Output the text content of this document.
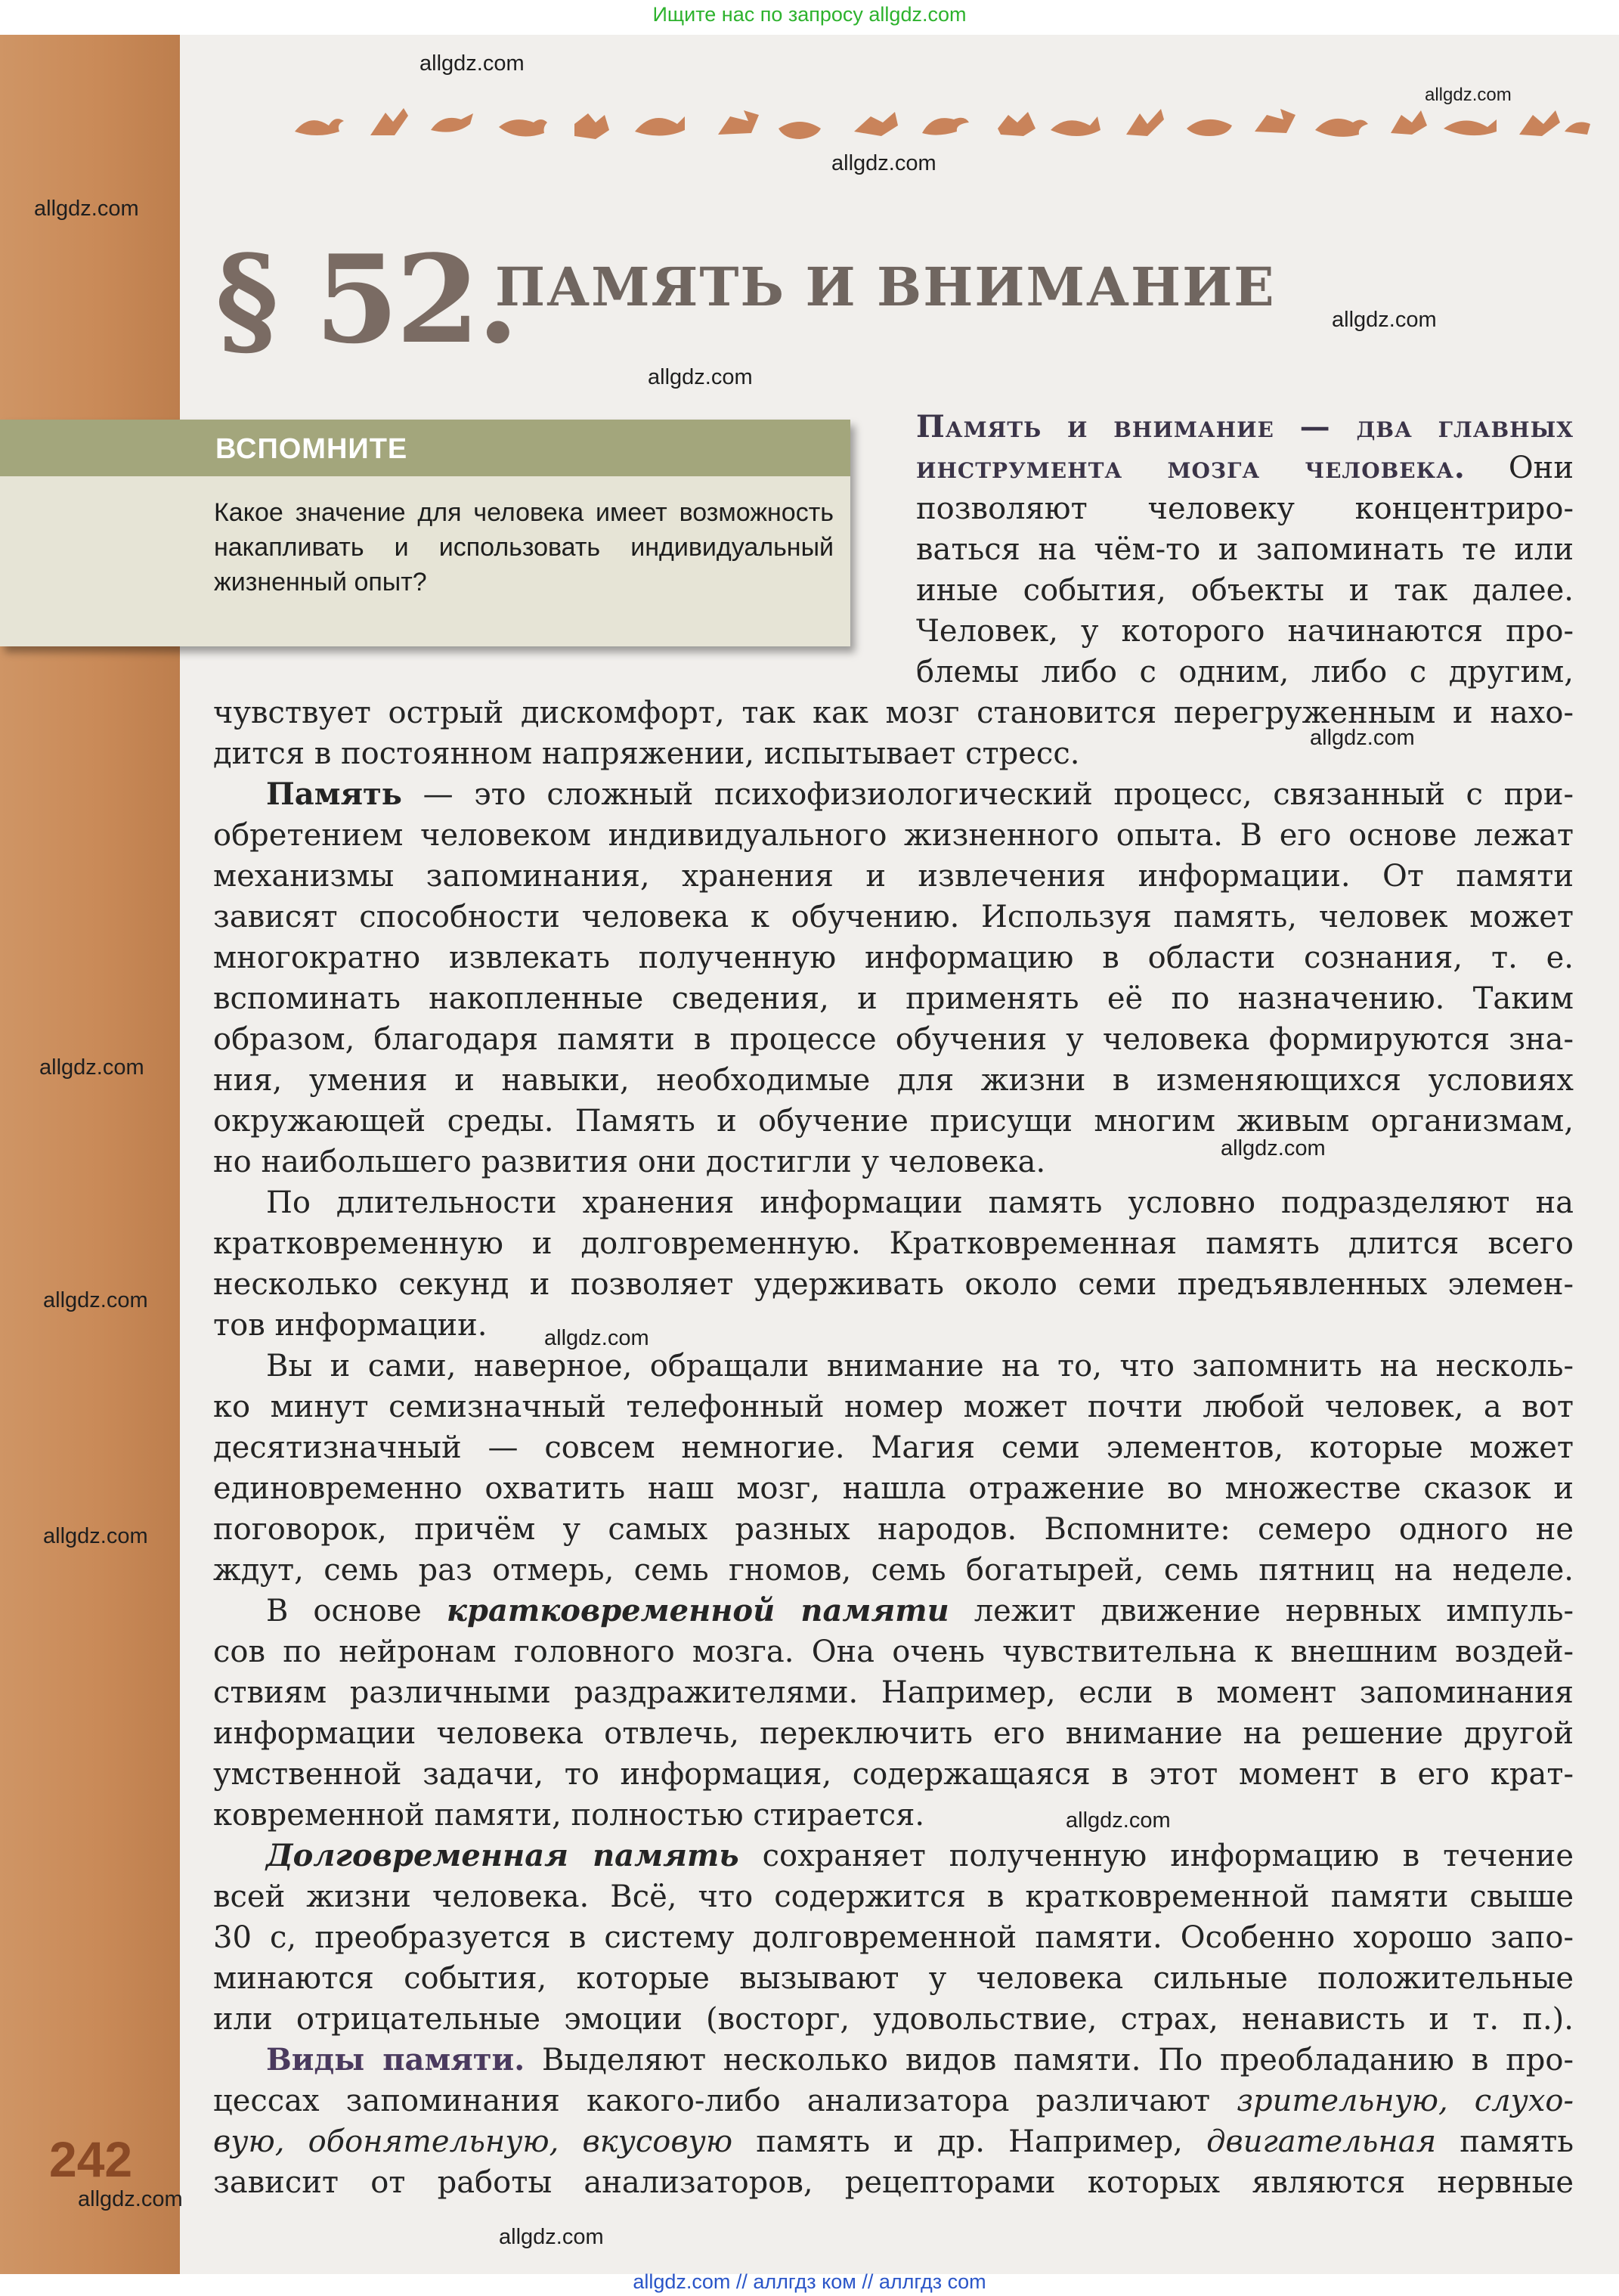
Ищите нас по запросу allgdz.com

allgdz.com
allgdz.com
allgdz.com
allgdz.com
allgdz.com
allgdz.com
allgdz.com
allgdz.com
allgdz.com
allgdz.com
allgdz.com
allgdz.com
allgdz.com
allgdz.com
allgdz.com
§ 52.
ПАМЯТЬ И ВНИМАНИЕ
ВСПОМНИТЕ
Какое значение для человека имеет возможность накапливать и использовать индивидуальный жизненный опыт?
Память и внимание — два главных
инструмента мозга человека. Они
позволяют человеку концентриро-
ваться на чём-то и запоминать те или
иные события, объекты и так далее.
Человек, у которого начинаются про-
блемы либо с одним, либо с другим,
чувствует острый дискомфорт, так как мозг становится перегруженным и нахо-
дится в постоянном напряжении, испытывает стресс.
Память — это сложный психофизиологический процесс, связанный с при-
обретением человеком индивидуального жизненного опыта. В его основе лежат
механизмы запоминания, хранения и извлечения информации. От памяти
зависят способности человека к обучению. Используя память, человек может
многократно извлекать полученную информацию в области сознания, т. е.
вспоминать накопленные сведения, и применять её по назначению. Таким
образом, благодаря памяти в процессе обучения у человека формируются зна-
ния, умения и навыки, необходимые для жизни в изменяющихся условиях
окружающей среды. Память и обучение присущи многим живым организмам,
но наибольшего развития они достигли у человека.
По длительности хранения информации память условно подразделяют на
кратковременную и долговременную. Кратковременная память длится всего
несколько секунд и позволяет удерживать около семи предъявленных элемен-
тов информации.
Вы и сами, наверное, обращали внимание на то, что запомнить на несколь-
ко минут семизначный телефонный номер может почти любой человек, а вот
десятизначный — совсем немногие. Магия семи элементов, которые может
единовременно охватить наш мозг, нашла отражение во множестве сказок и
поговорок, причём у самых разных народов. Вспомните: семеро одного не
ждут, семь раз отмерь, семь гномов, семь богатырей, семь пятниц на неделе.
В основе кратковременной памяти лежит движение нервных импуль-
сов по нейронам головного мозга. Она очень чувствительна к внешним воздей-
ствиям различными раздражителями. Например, если в момент запоминания
информации человека отвлечь, переключить его внимание на решение другой
умственной задачи, то информация, содержащаяся в этот момент в его крат-
ковременной памяти, полностью стирается.
Долговременная память сохраняет полученную информацию в течение
всей жизни человека. Всё, что содержится в кратковременной памяти свыше
30 с, преобразуется в систему долговременной памяти. Особенно хорошо запо-
минаются события, которые вызывают у человека сильные положительные
или отрицательные эмоции (восторг, удовольствие, страх, ненависть и т. п.).
Виды памяти. Выделяют несколько видов памяти. По преобладанию в про-
цессах запоминания какого-либо анализатора различают зрительную, слухо-
вую, обонятельную, вкусовую память и др. Например, двигательная память
зависит от работы анализаторов, рецепторами которых являются нервные
242
allgdz.com // аллгдз ком // аллгдз com
